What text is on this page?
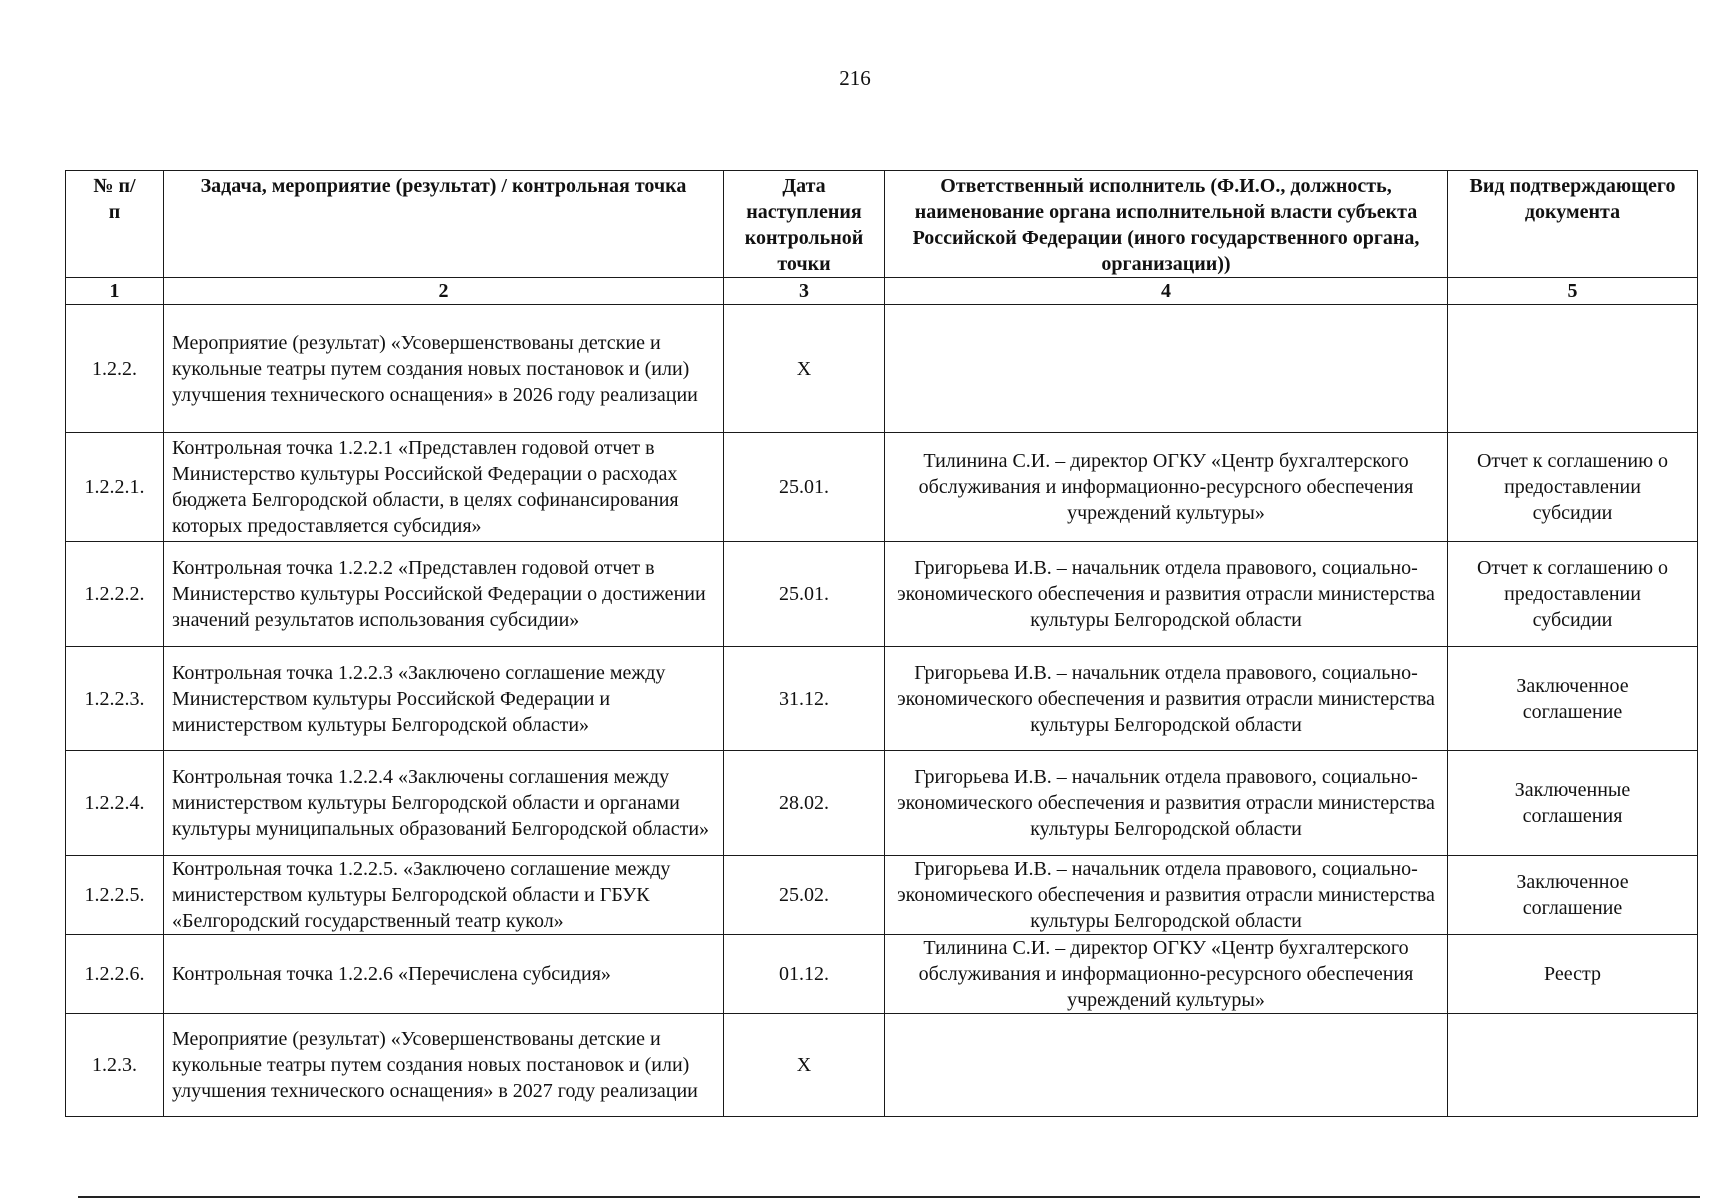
216
№ п/п	Задача, мероприятие (результат) / контрольная точка	Дата наступления контрольной точки	Ответственный исполнитель (Ф.И.О., должность, наименование органа исполнительной власти субъекта Российской Федерации (иного государственного органа, организации))	Вид подтверждающего документа
1	2	3	4	5
1.2.2.	Мероприятие (результат) «Усовершенствованы детские и кукольные театры путем создания новых постановок и (или) улучшения технического оснащения» в 2026 году реализации	Х		
1.2.2.1.	Контрольная точка 1.2.2.1 «Представлен годовой отчет в Министерство культуры Российской Федерации о расходах бюджета Белгородской области, в целях софинансирования которых предоставляется субсидия»	25.01.	Тилинина С.И. – директор ОГКУ «Центр бухгалтерского обслуживания и информационно-ресурсного обеспечения учреждений культуры»	Отчет к соглашению о предоставлении субсидии
1.2.2.2.	Контрольная точка 1.2.2.2 «Представлен годовой отчет в Министерство культуры Российской Федерации о достижении значений результатов использования субсидии»	25.01.	Григорьева И.В. – начальник отдела правового, социально-экономического обеспечения и развития отрасли министерства культуры Белгородской области	Отчет к соглашению о предоставлении субсидии
1.2.2.3.	Контрольная точка 1.2.2.3 «Заключено соглашение между Министерством культуры Российской Федерации и министерством культуры Белгородской области»	31.12.	Григорьева И.В. – начальник отдела правового, социально-экономического обеспечения и развития отрасли министерства культуры Белгородской области	Заключенное соглашение
1.2.2.4.	Контрольная точка 1.2.2.4 «Заключены соглашения между министерством культуры Белгородской области и органами культуры муниципальных образований Белгородской области»	28.02.	Григорьева И.В. – начальник отдела правового, социально-экономического обеспечения и развития отрасли министерства культуры Белгородской области	Заключенные соглашения
1.2.2.5.	Контрольная точка 1.2.2.5. «Заключено соглашение между министерством культуры Белгородской области и ГБУК «Белгородский государственный театр кукол»	25.02.	Григорьева И.В. – начальник отдела правового, социально-экономического обеспечения и развития отрасли министерства культуры Белгородской области	Заключенное соглашение
1.2.2.6.	Контрольная точка 1.2.2.6 «Перечислена субсидия»	01.12.	Тилинина С.И. – директор ОГКУ «Центр бухгалтерского обслуживания и информационно-ресурсного обеспечения учреждений культуры»	Реестр
1.2.3.	Мероприятие (результат) «Усовершенствованы детские и кукольные театры путем создания новых постановок и (или) улучшения технического оснащения» в 2027 году реализации	Х		
